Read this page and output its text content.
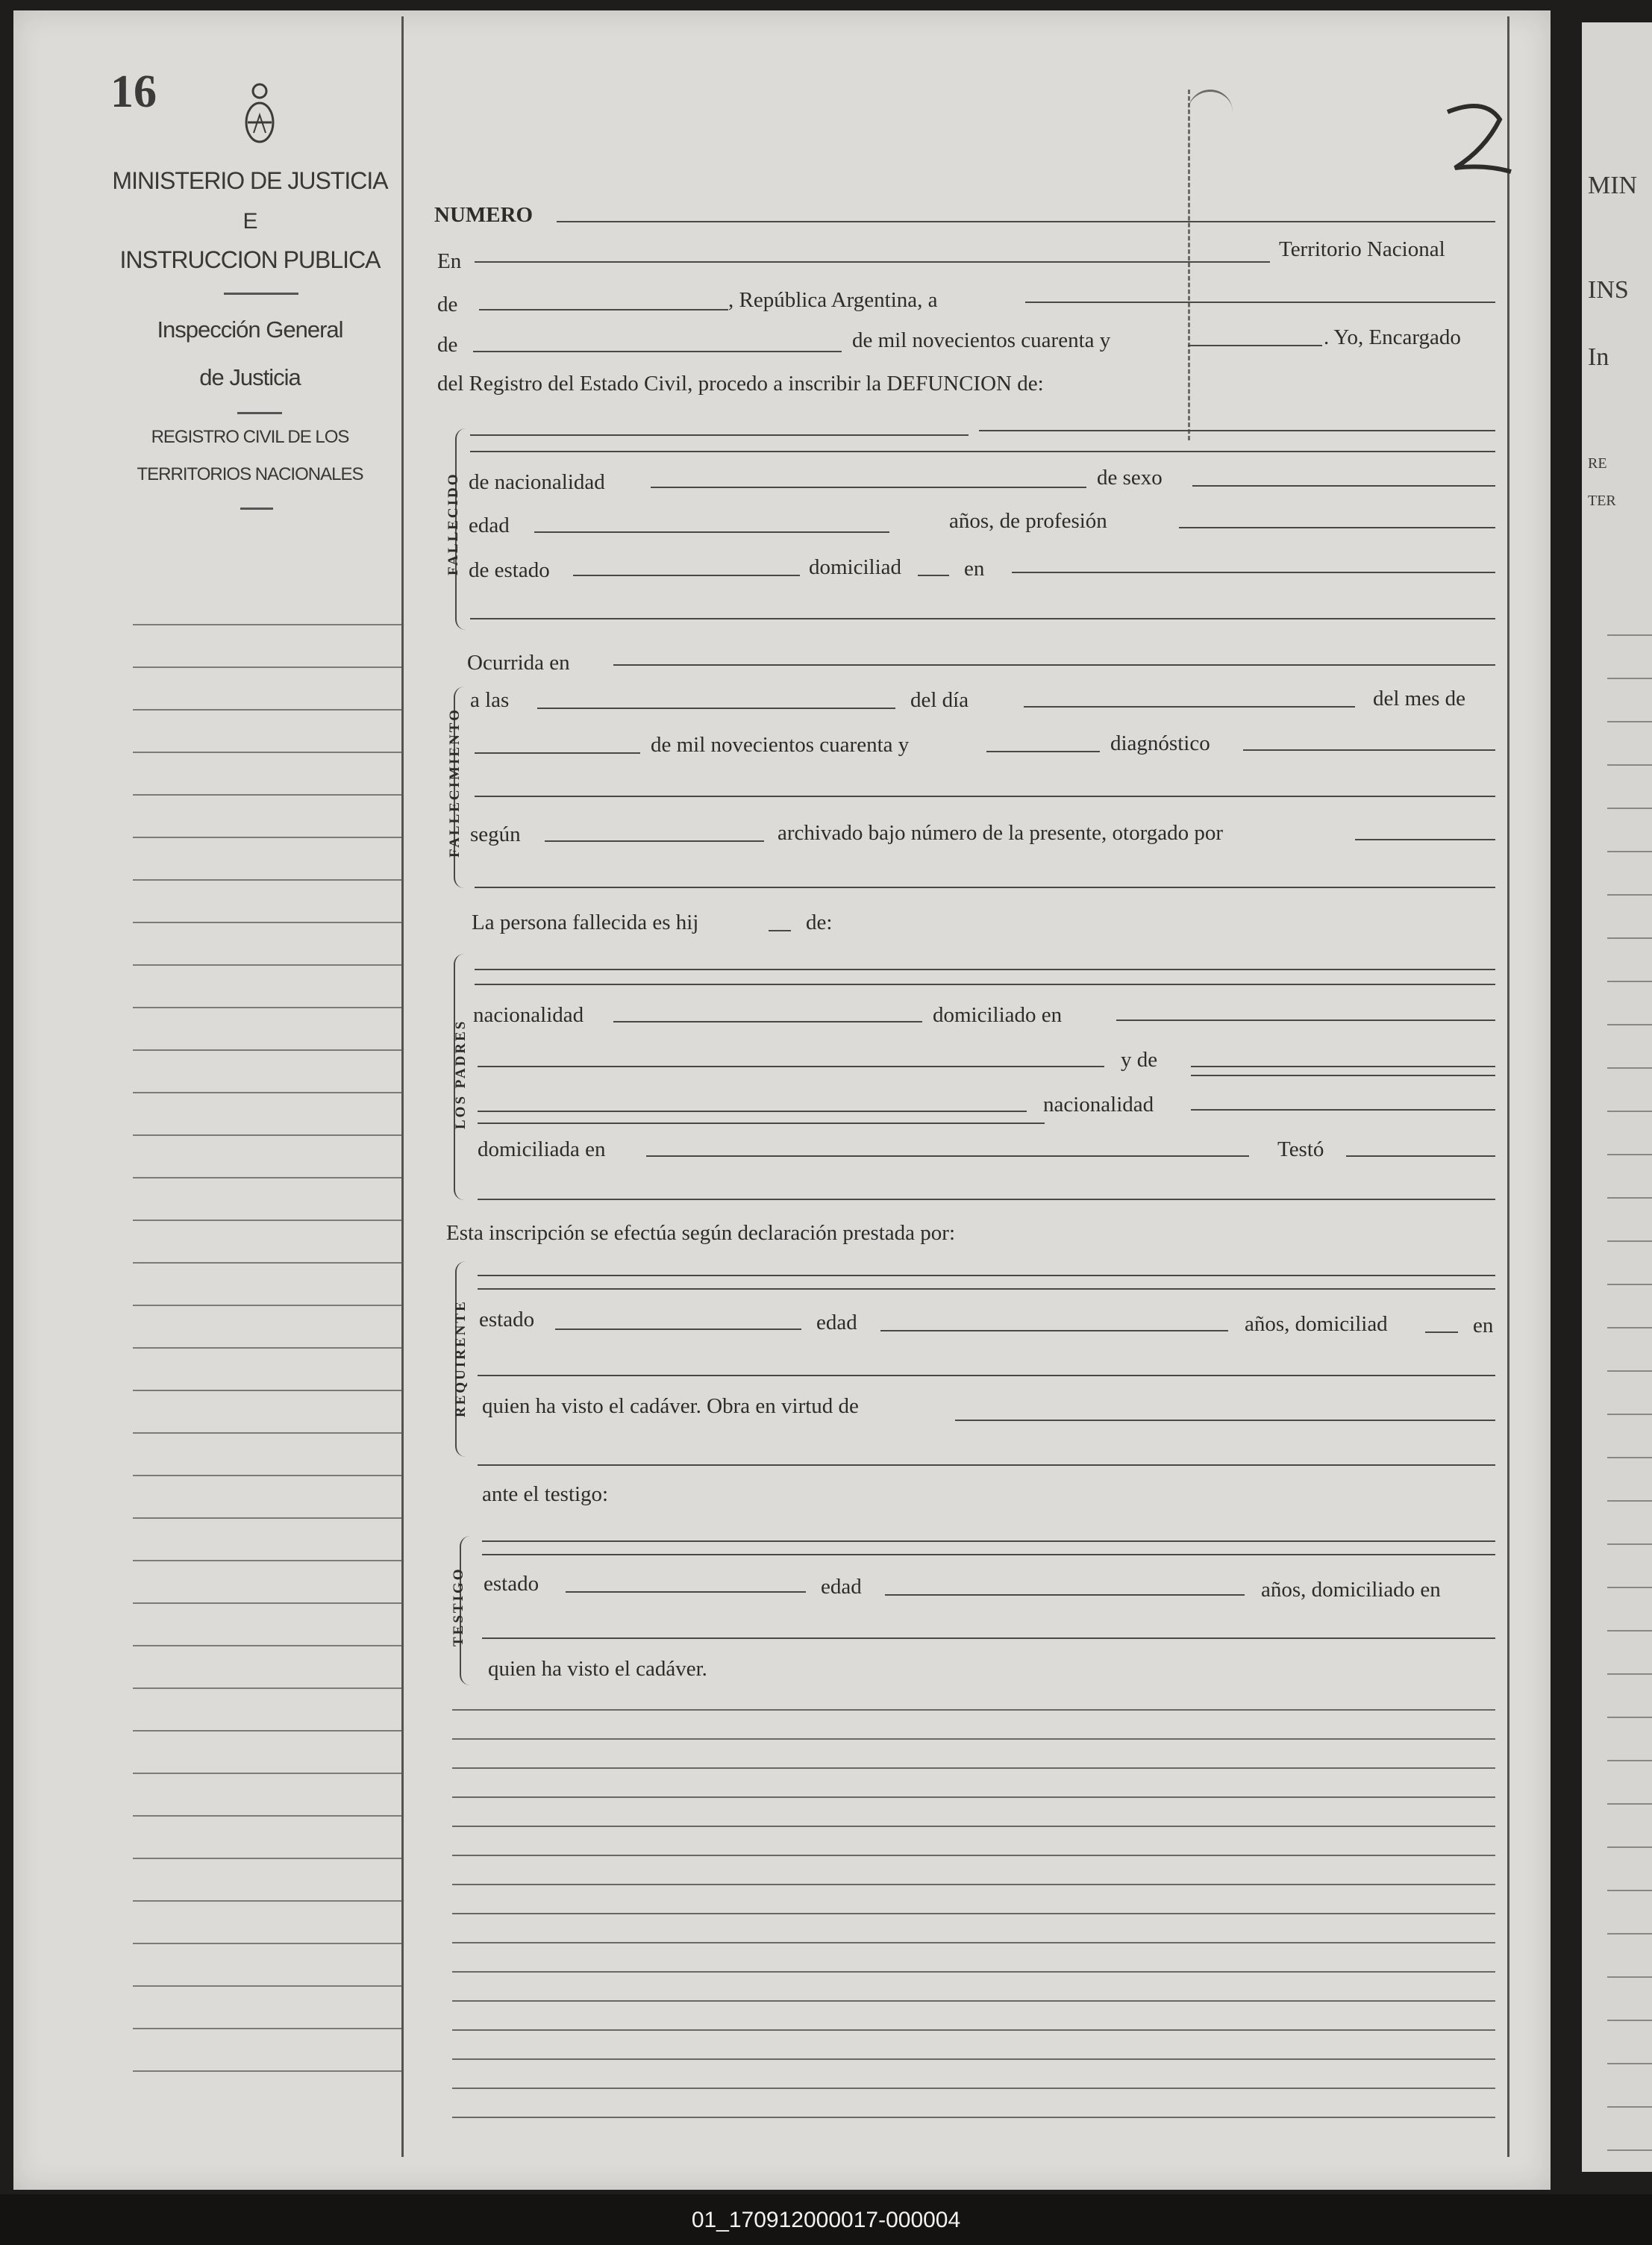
MIN
INS
In
RE
TER
16
MINISTERIO DE JUSTICIA
E
INSTRUCCION PUBLICA
Inspección General
de Justicia
REGISTRO CIVIL DE LOS
TERRITORIOS NACIONALES
NUMERO
En	Territorio Nacional
de	, República Argentina, a
de	de mil novecientos cuarenta y	. Yo, Encargado
del Registro del Estado Civil, procedo a inscribir la DEFUNCION de:
FALLECIDO de nacionalidad	de sexo
edad	años, de profesión
de estado	domiciliad	en
Ocurrida en
FALLECIMIENTO
a las	del día	del mes de
de mil novecientos cuarenta y	diagnóstico
según	archivado bajo número de la presente, otorgado por
La persona fallecida es hij	de:
LOS PADRES
nacionalidad	domiciliado en
y de
nacionalidad
domiciliada en	Testó
Esta inscripción se efectúa según declaración prestada por:
REQUIRENTE estado	edad	años, domiciliad	en
quien ha visto el cadáver. Obra en virtud de
ante el testigo:
TESTIGO estado	edad	años, domiciliado en
quien ha visto el cadáver.
01_170912000017-000004
